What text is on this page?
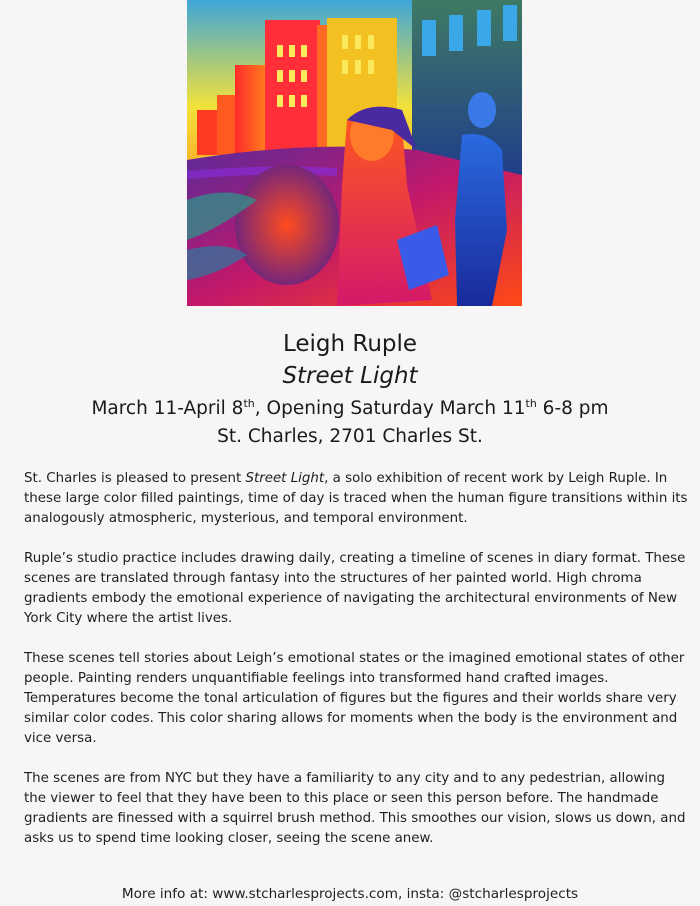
Leigh Ruple
Street Light
March 11-April 8th, Opening Saturday March 11th 6-8 pm
St. Charles, 2701 Charles St.

St. Charles is pleased to present Street Light, a solo exhibition of recent work by Leigh Ruple. In these large color filled paintings, time of day is traced when the human figure transitions within its analogously atmospheric, mysterious, and temporal environment.

Ruple’s studio practice includes drawing daily, creating a timeline of scenes in diary format. These scenes are translated through fantasy into the structures of her painted world. High chroma gradients embody the emotional experience of navigating the architectural environments of New York City where the artist lives.

These scenes tell stories about Leigh’s emotional states or the imagined emotional states of other people. Painting renders unquantifiable feelings into transformed hand crafted images. Temperatures become the tonal articulation of figures but the figures and their worlds share very similar color codes. This color sharing allows for moments when the body is the environment and vice versa.

The scenes are from NYC but they have a familiarity to any city and to any pedestrian, allowing the viewer to feel that they have been to this place or seen this person before. The handmade gradients are finessed with a squirrel brush method. This smoothes our vision, slows us down, and asks us to spend time looking closer, seeing the scene anew.

More info at: www.stcharlesprojects.com, insta: @stcharlesprojects
